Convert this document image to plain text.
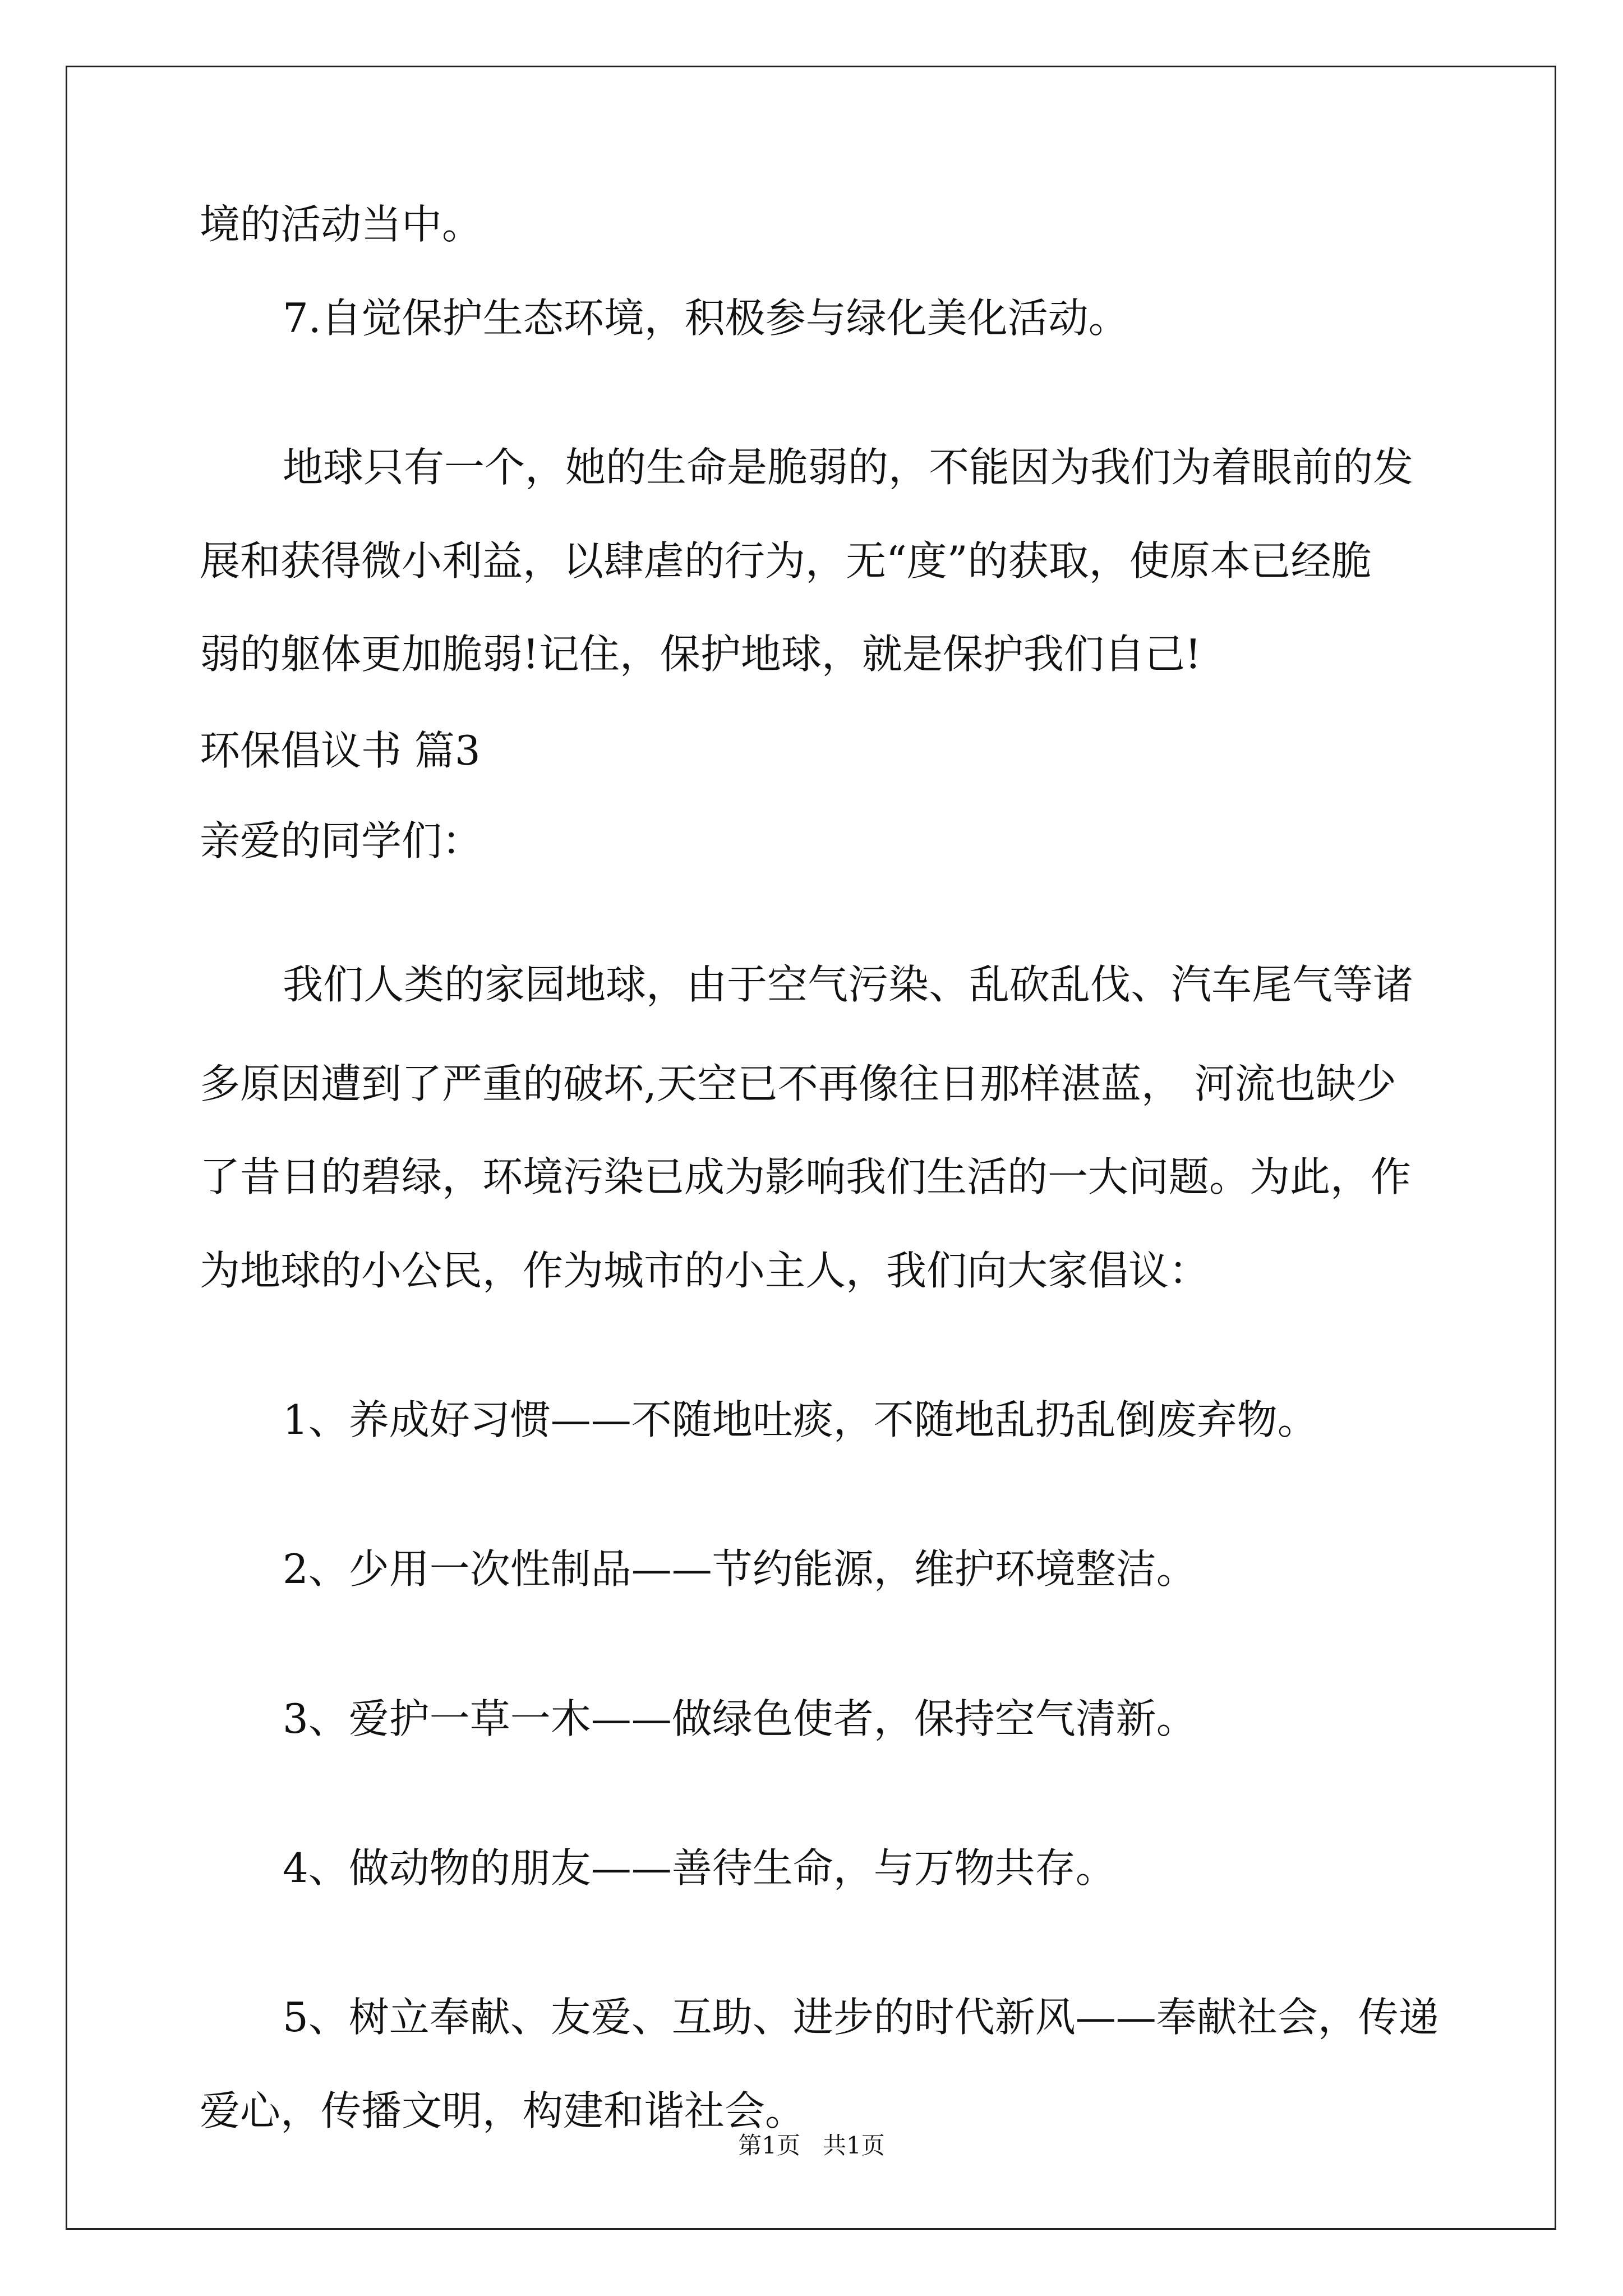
境的活动当中。

7.自觉保护生态环境，积极参与绿化美化活动。

地球只有一个，她的生命是脆弱的，不能因为我们为着眼前的发

展和获得微小利益，以肆虐的行为，无“度”的获取，使原本已经脆

弱的躯体更加脆弱!记住，保护地球，就是保护我们自己!

环保倡议书 篇3

亲爱的同学们：

我们人类的家园地球，由于空气污染、乱砍乱伐、汽车尾气等诸

多原因遭到了严重的破坏,天空已不再像往日那样湛蓝， 河流也缺少

了昔日的碧绿，环境污染已成为影响我们生活的一大问题。为此，作

为地球的小公民，作为城市的小主人，我们向大家倡议：

1、养成好习惯——不随地吐痰，不随地乱扔乱倒废弃物。

2、少用一次性制品——节约能源，维护环境整洁。

3、爱护一草一木——做绿色使者，保持空气清新。

4、做动物的朋友——善待生命，与万物共存。

5、树立奉献、友爱、互助、进步的时代新风——奉献社会，传递

爱心，传播文明，构建和谐社会。

第1页   共1页
